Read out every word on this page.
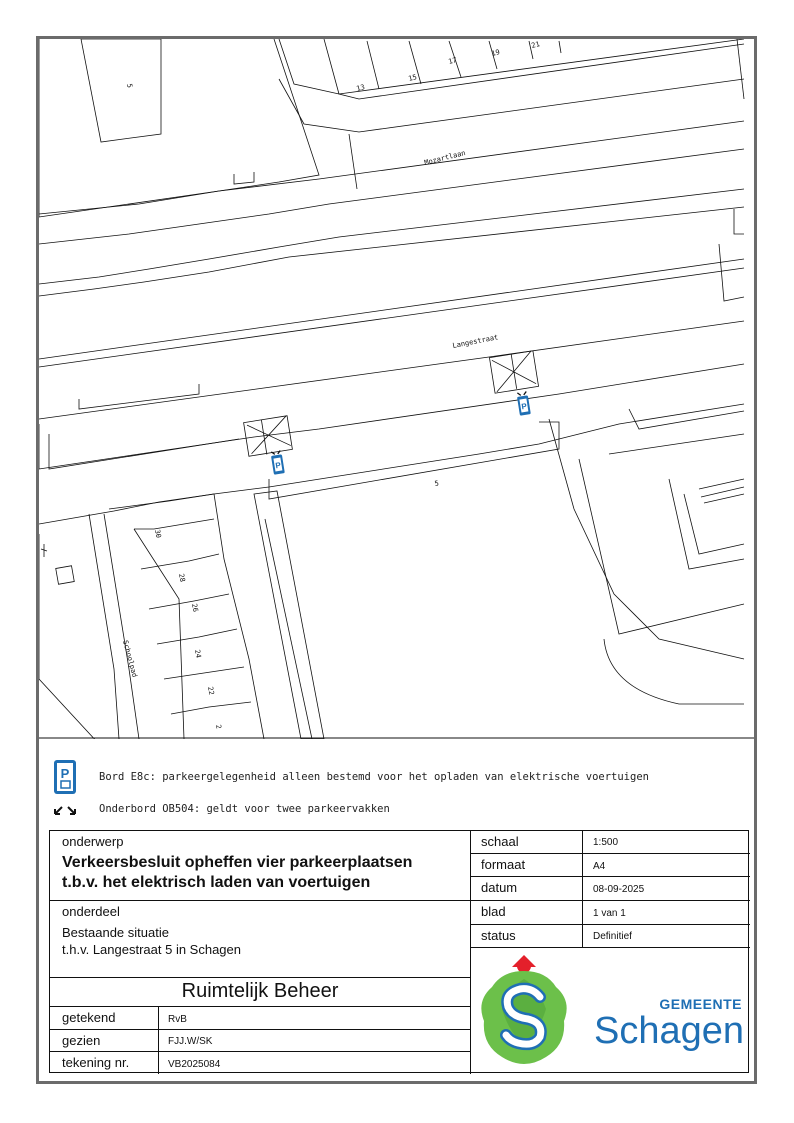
P
P
5	13
15
17
19
21
Mozartlaan
Langestraat
5
30
28
26
24
22
2
Schoolpad
P	Bord E8c: parkeergelegenheid alleen bestemd voor het opladen van elektrische voertuigen
Onderbord OB504: geldt voor twee parkeervakken
onderwerp
Verkeersbesluit opheffen vier parkeerplaatsen
t.b.v. het elektrisch laden van voertuigen
onderdeel
Bestaande situatie
t.h.v. Langestraat 5 in Schagen
Ruimtelijk Beheer
getekend	RvB
gezien	FJJ.W/SK
tekening nr.	VB2025084
schaal	1:500
formaat	A4
datum	08-09-2025
blad	1 van 1
status	Definitief
GEMEENTE
Schagen
